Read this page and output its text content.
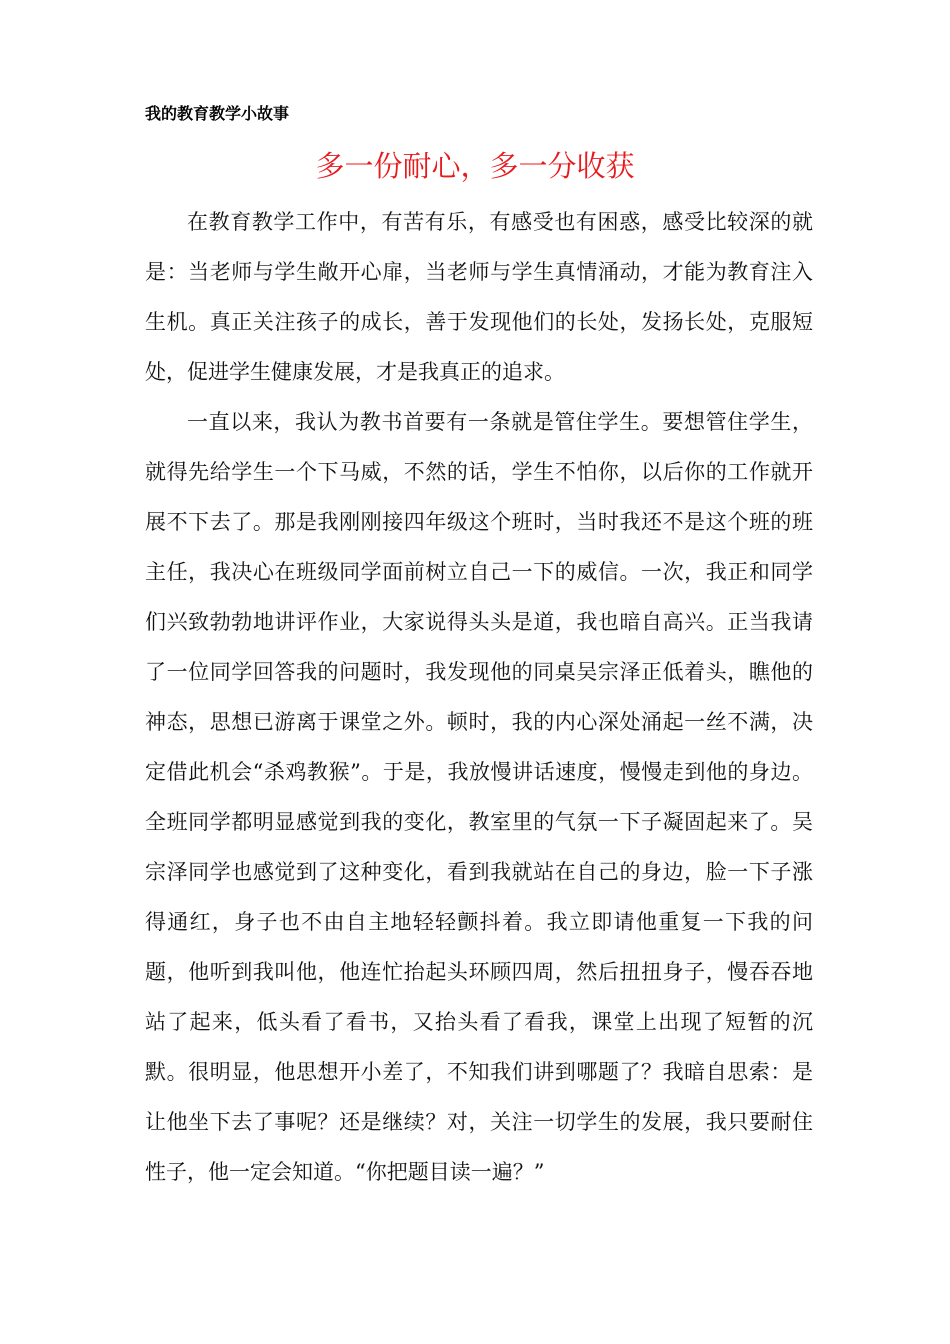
我的教育教学小故事
多一份耐心，多一分收获

在教育教学工作中，有苦有乐，有感受也有困惑，感受比较深的就是：当老师与学生敞开心扉，当老师与学生真情涌动，才能为教育注入生机。真正关注孩子的成长，善于发现他们的长处，发扬长处，克服短处，促进学生健康发展，才是我真正的追求。

一直以来，我认为教书首要有一条就是管住学生。要想管住学生，就得先给学生一个下马威，不然的话，学生不怕你，以后你的工作就开展不下去了。那是我刚刚接四年级这个班时，当时我还不是这个班的班主任，我决心在班级同学面前树立自己一下的威信。一次，我正和同学们兴致勃勃地讲评作业，大家说得头头是道，我也暗自高兴。正当我请了一位同学回答我的问题时，我发现他的同桌吴宗泽正低着头，瞧他的神态，思想已游离于课堂之外。顿时，我的内心深处涌起一丝不满，决定借此机会“杀鸡教猴”。于是，我放慢讲话速度，慢慢走到他的身边。全班同学都明显感觉到我的变化，教室里的气氛一下子凝固起来了。吴宗泽同学也感觉到了这种变化，看到我就站在自己的身边，脸一下子涨得通红，身子也不由自主地轻轻颤抖着。我立即请他重复一下我的问题，他听到我叫他，他连忙抬起头环顾四周，然后扭扭身子，慢吞吞地站了起来，低头看了看书，又抬头看了看我，课堂上出现了短暂的沉默。很明显，他思想开小差了，不知我们讲到哪题了？我暗自思索：是让他坐下去了事呢？还是继续？对，关注一切学生的发展，我只要耐住性子，他一定会知道。“你把题目读一遍？”
